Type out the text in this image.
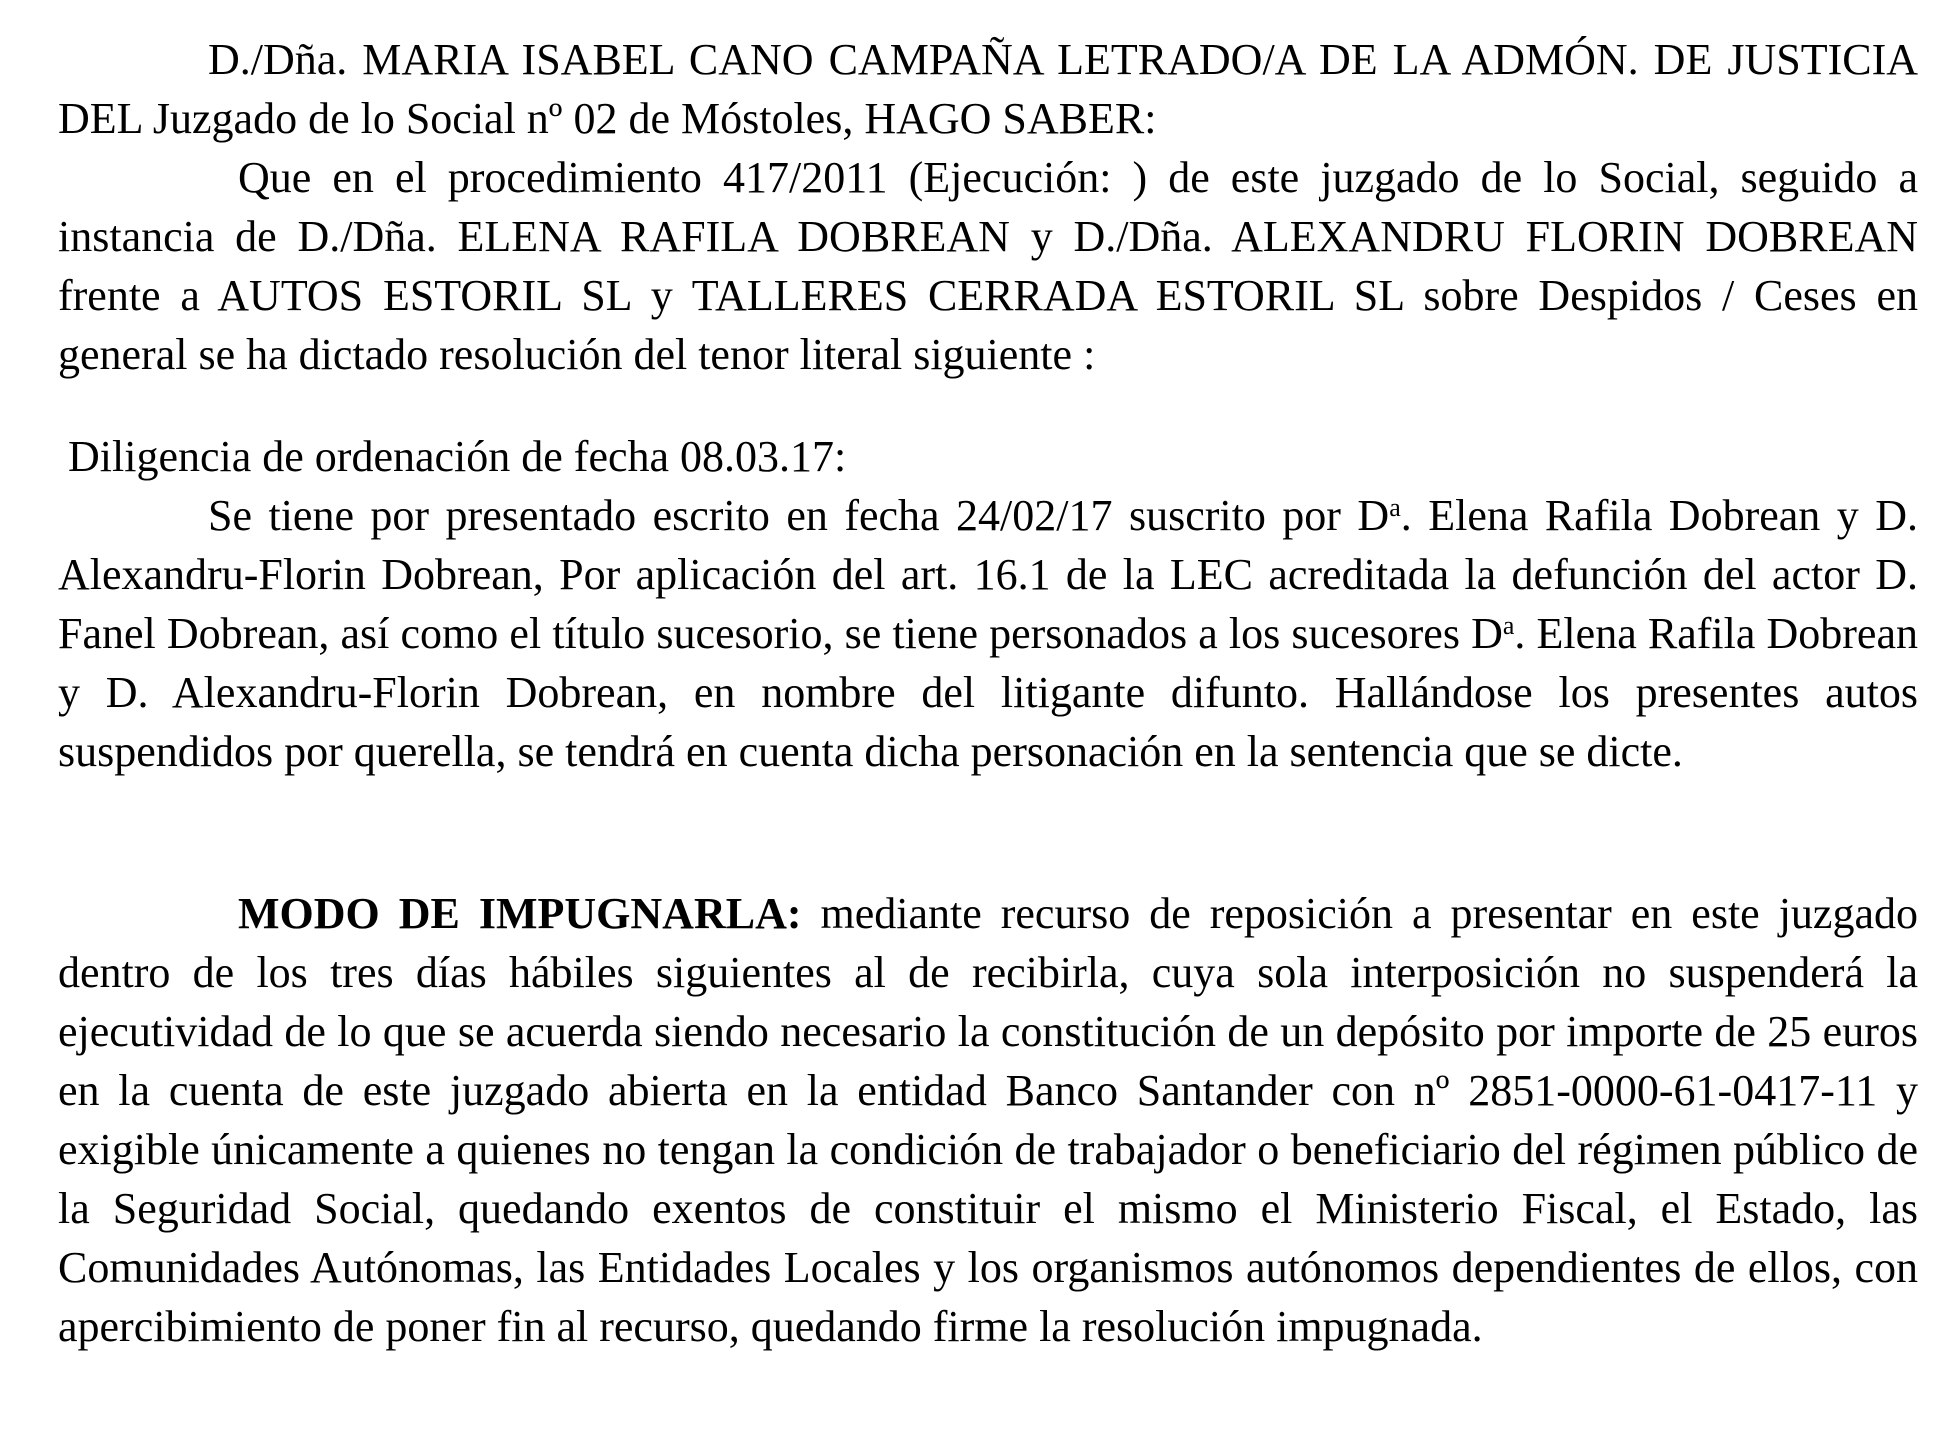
D./Dña. MARIA ISABEL CANO CAMPAÑA LETRADO/A DE LA ADMÓN. DE JUSTICIA DEL Juzgado de lo Social nº 02 de Móstoles, HAGO SABER:

Que en el procedimiento 417/2011 (Ejecución: ) de este juzgado de lo Social, seguido a instancia de D./Dña. ELENA RAFILA DOBREAN y D./Dña. ALEXANDRU FLORIN DOBREAN frente a AUTOS ESTORIL SL y TALLERES CERRADA ESTORIL SL sobre Despidos / Ceses en general se ha dictado resolución del tenor literal siguiente :

Diligencia de ordenación de fecha 08.03.17:

Se tiene por presentado escrito en fecha 24/02/17 suscrito por $D^a$. Elena Rafila Dobrean y D. Alexandru-Florin Dobrean, Por aplicación del art. 16.1 de la LEC acreditada la defunción del actor D. Fanel Dobrean, así como el título sucesorio, se tiene personados a los sucesores $D^a$. Elena Rafila Dobrean y D. Alexandru-Florin Dobrean, en nombre del litigante difunto. Hallándose los presentes autos suspendidos por querella, se tendrá en cuenta dicha personación en la sentencia que se dicte.

MODO DE IMPUGNARLA: mediante recurso de reposición a presentar en este juzgado dentro de los tres días hábiles siguientes al de recibirla, cuya sola interposición no suspenderá la ejecutividad de lo que se acuerda siendo necesario la constitución de un depósito por importe de 25 euros en la cuenta de este juzgado abierta en la entidad Banco Santander con nº 2851-0000-61-0417-11 y exigible únicamente a quienes no tengan la condición de trabajador o beneficiario del régimen público de la Seguridad Social, quedando exentos de constituir el mismo el Ministerio Fiscal, el Estado, las Comunidades Autónomas, las Entidades Locales y los organismos autónomos dependientes de ellos, con apercibimiento de poner fin al recurso, quedando firme la resolución impugnada.
